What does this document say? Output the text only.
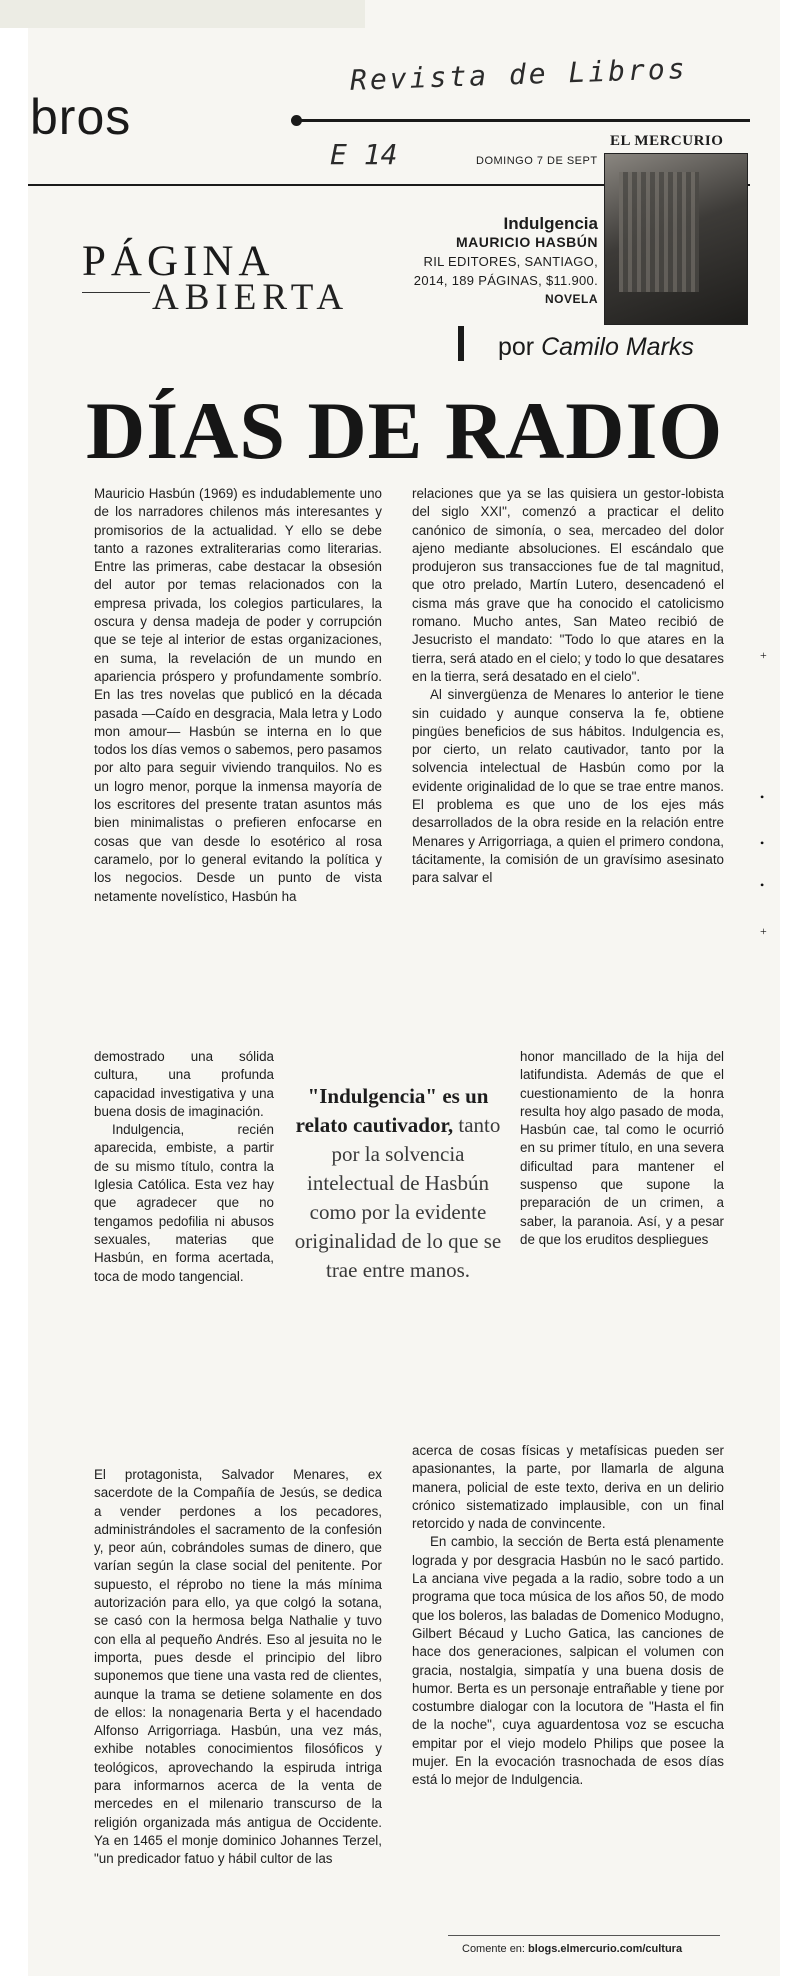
bros
Revista de Libros
E 14	EL MERCURIO
DOMINGO 7 DE SEPT
Indulgencia
MAURICIO HASBÚN
RIL EDITORES, SANTIAGO,
2014, 189 PÁGINAS, $11.900.
NOVELA
PÁGINA
ABIERTA
por Camilo Marks
DÍAS DE RADIO

Mauricio Hasbún (1969) es indudablemente uno de los narradores chilenos más interesantes y promisorios de la actualidad. Y ello se debe tanto a razones extraliterarias como literarias. Entre las primeras, cabe destacar la obsesión del autor por temas relacionados con la empresa privada, los colegios particulares, la oscura y densa madeja de poder y corrupción que se teje al interior de estas organizaciones, en suma, la revelación de un mundo en apariencia próspero y profundamente sombrío. En las tres novelas que publicó en la década pasada —Caído en desgracia, Mala letra y Lodo mon amour— Hasbún se interna en lo que todos los días vemos o sabemos, pero pasamos por alto para seguir viviendo tranquilos. No es un logro menor, porque la inmensa mayoría de los escritores del presente tratan asuntos más bien minimalistas o prefieren enfocarse en cosas que van desde lo esotérico al rosa caramelo, por lo general evitando la política y los negocios. Desde un punto de vista netamente novelístico, Hasbún ha

demostrado una sólida cultura, una profunda capacidad investigativa y una buena dosis de imaginación.

Indulgencia, recién aparecida, embiste, a partir de su mismo título, contra la Iglesia Católica. Esta vez hay que agradecer que no tengamos pedofilia ni abusos sexuales, materias que Hasbún, en forma acertada, toca de modo tangencial.

El protagonista, Salvador Menares, ex sacerdote de la Compañía de Jesús, se dedica a vender perdones a los pecadores, administrándoles el sacramento de la confesión y, peor aún, cobrándoles sumas de dinero, que varían según la clase social del penitente. Por supuesto, el réprobo no tiene la más mínima autorización para ello, ya que colgó la sotana, se casó con la hermosa belga Nathalie y tuvo con ella al pequeño Andrés. Eso al jesuita no le importa, pues desde el principio del libro suponemos que tiene una vasta red de clientes, aunque la trama se detiene solamente en dos de ellos: la nonagenaria Berta y el hacendado Alfonso Arrigorriaga. Hasbún, una vez más, exhibe notables conocimientos filosóficos y teológicos, aprovechando la espiruda intriga para informarnos acerca de la venta de mercedes en el milenario transcurso de la religión organizada más antigua de Occidente. Ya en 1465 el monje dominico Johannes Terzel, "un predicador fatuo y hábil cultor de las

relaciones que ya se las quisiera un gestor-lobista del siglo XXI", comenzó a practicar el delito canónico de simonía, o sea, mercadeo del dolor ajeno mediante absoluciones. El escándalo que produjeron sus transacciones fue de tal magnitud, que otro prelado, Martín Lutero, desencadenó el cisma más grave que ha conocido el catolicismo romano. Mucho antes, San Mateo recibió de Jesucristo el mandato: "Todo lo que atares en la tierra, será atado en el cielo; y todo lo que desatares en la tierra, será desatado en el cielo".

Al sinvergüenza de Menares lo anterior le tiene sin cuidado y aunque conserva la fe, obtiene pingües beneficios de sus hábitos. Indulgencia es, por cierto, un relato cautivador, tanto por la solvencia intelectual de Hasbún como por la evidente originalidad de lo que se trae entre manos. El problema es que uno de los ejes más desarrollados de la obra reside en la relación entre Menares y Arrigorriaga, a quien el primero condona, tácitamente, la comisión de un gravísimo asesinato para salvar el

honor mancillado de la hija del latifundista. Además de que el cuestionamiento de la honra resulta hoy algo pasado de moda, Hasbún cae, tal como le ocurrió en su primer título, en una severa dificultad para mantener el suspenso que supone la preparación de un crimen, a saber, la paranoia. Así, y a pesar de que los eruditos despliegues

acerca de cosas físicas y metafísicas pueden ser apasionantes, la parte, por llamarla de alguna manera, policial de este texto, deriva en un delirio crónico sistematizado implausible, con un final retorcido y nada de convincente.

En cambio, la sección de Berta está plenamente lograda y por desgracia Hasbún no le sacó partido. La anciana vive pegada a la radio, sobre todo a un programa que toca música de los años 50, de modo que los boleros, las baladas de Domenico Modugno, Gilbert Bécaud y Lucho Gatica, las canciones de hace dos generaciones, salpican el volumen con gracia, nostalgia, simpatía y una buena dosis de humor. Berta es un personaje entrañable y tiene por costumbre dialogar con la locutora de "Hasta el fin de la noche", cuya aguardentosa voz se escucha empitar por el viejo modelo Philips que posee la mujer. En la evocación trasnochada de esos días está lo mejor de Indulgencia.

"Indulgencia" es un relato cautivador, tanto por la solvencia intelectual de Hasbún como por la evidente originalidad de lo que se trae entre manos.
Comente en: blogs.elmercurio.com/cultura
+
•
•
•
+
